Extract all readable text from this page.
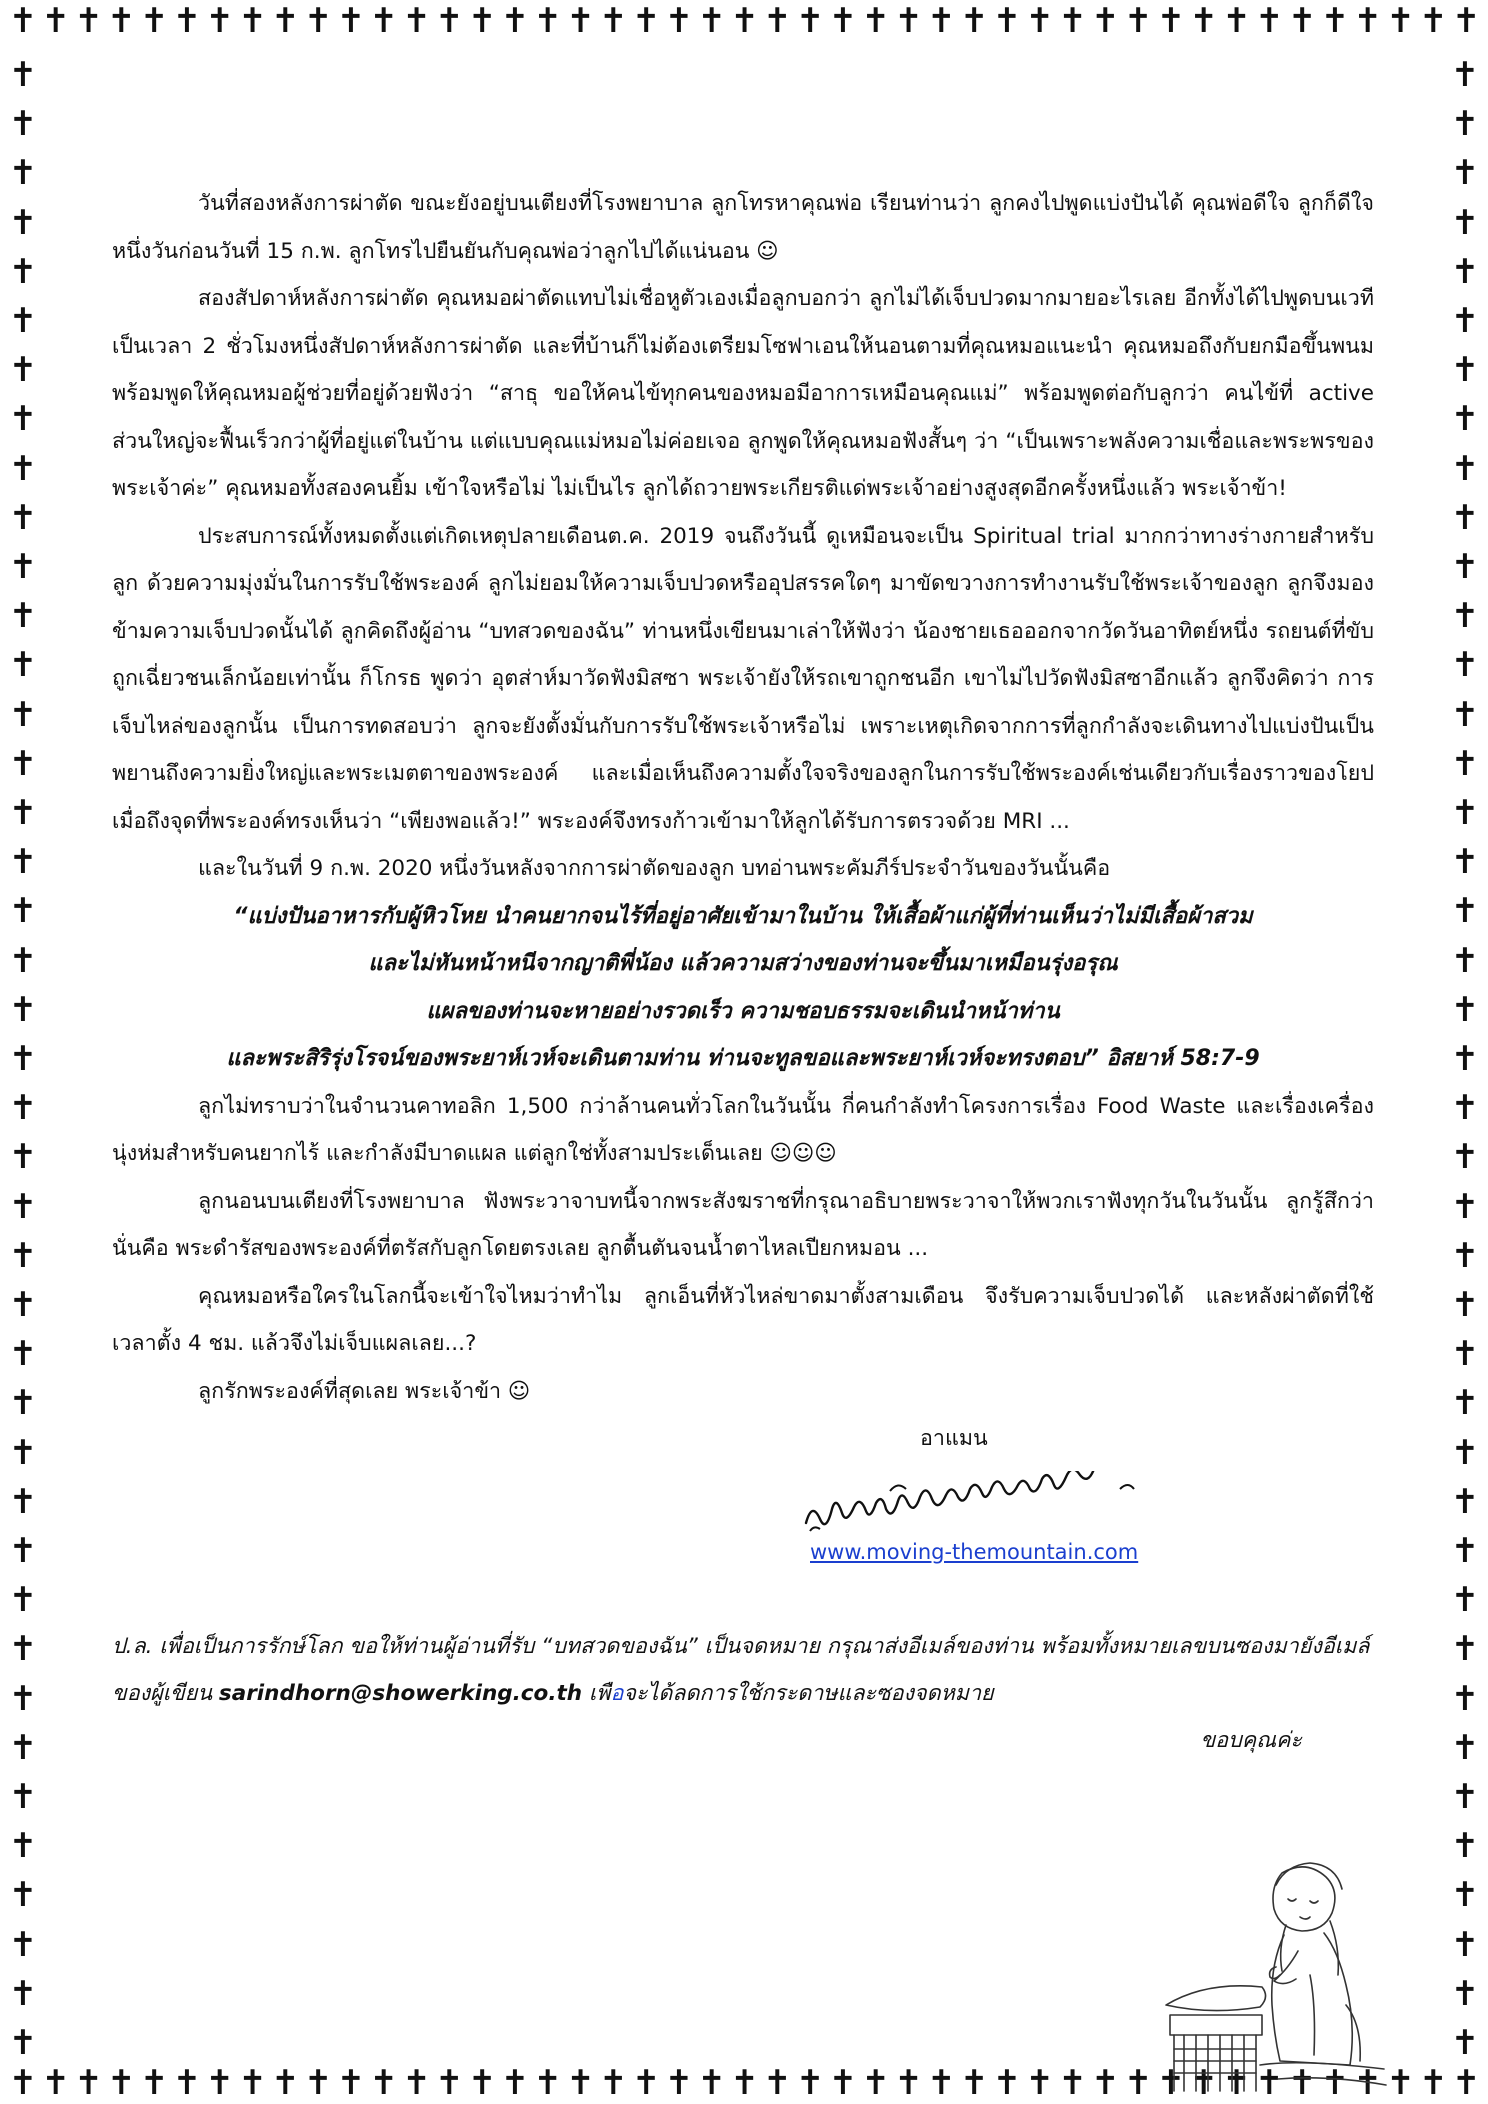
✝
✝
✝
✝
✝
✝
✝
✝
✝
✝
✝
✝
✝
✝
✝
✝
✝
✝
✝
✝
✝
✝
✝
✝
✝
✝
✝
✝
✝
✝
✝
✝
✝
✝
✝
✝
✝
✝
✝
✝
✝
✝
✝
✝
✝
✝
✝
✝
✝
✝
✝
✝
✝
✝
✝
✝
✝
✝
✝
✝
✝
✝
✝
✝
✝
✝
✝
✝
✝
✝
✝
✝
✝
✝
✝
✝
✝
✝
✝
✝
✝
✝
✝
✝
✝
✝
✝
✝
✝
✝
✝	✝
✝	✝
✝	✝
✝	✝
✝	✝
✝	✝
✝	✝
✝	✝
✝	✝
✝	✝
✝	✝
✝	✝
✝	✝
✝	✝
✝	✝
✝	✝
✝	✝
✝	✝
✝	✝
✝	✝
✝	✝
✝	✝
✝	✝
✝	✝
✝	✝
✝	✝
✝	✝
✝	✝
✝	✝
✝	✝
✝	✝
✝	✝
✝	✝
✝	✝
✝	✝
✝	✝
✝	✝
✝	✝
✝	✝
✝	✝
✝	✝

วันที่สองหลังการผ่าตัด ขณะยังอยู่บนเตียงที่โรงพยาบาล ลูกโทรหาคุณพ่อ เรียนท่านว่า ลูกคงไปพูดแบ่งปันได้ คุณพ่อดีใจ ลูกก็ดีใจ หนึ่งวันก่อนวันที่ 15 ก.พ. ลูกโทรไปยืนยันกับคุณพ่อว่าลูกไปได้แน่นอน ☺

สองสัปดาห์หลังการผ่าตัด คุณหมอผ่าตัดแทบไม่เชื่อหูตัวเองเมื่อลูกบอกว่า ลูกไม่ได้เจ็บปวดมากมายอะไรเลย อีกทั้งได้ไปพูดบนเวทีเป็นเวลา 2 ชั่วโมงหนึ่งสัปดาห์หลังการผ่าตัด และที่บ้านก็ไม่ต้องเตรียมโซฟาเอนให้นอนตามที่คุณหมอแนะนำ คุณหมอถึงกับยกมือขึ้นพนม พร้อมพูดให้คุณหมอผู้ช่วยที่อยู่ด้วยฟังว่า “สาธุ ขอให้คนไข้ทุกคนของหมอมีอาการเหมือนคุณแม่” พร้อมพูดต่อกับลูกว่า คนไข้ที่ active ส่วนใหญ่จะฟื้นเร็วกว่าผู้ที่อยู่แต่ในบ้าน แต่แบบคุณแม่หมอไม่ค่อยเจอ ลูกพูดให้คุณหมอฟังสั้นๆ ว่า “เป็นเพราะพลังความเชื่อและพระพรของพระเจ้าค่ะ” คุณหมอทั้งสองคนยิ้ม เข้าใจหรือไม่ ไม่เป็นไร ลูกได้ถวายพระเกียรติแด่พระเจ้าอย่างสูงสุดอีกครั้งหนึ่งแล้ว พระเจ้าข้า!

ประสบการณ์ทั้งหมดตั้งแต่เกิดเหตุปลายเดือนต.ค. 2019 จนถึงวันนี้ ดูเหมือนจะเป็น Spiritual trial มากกว่าทางร่างกายสำหรับลูก ด้วยความมุ่งมั่นในการรับใช้พระองค์ ลูกไม่ยอมให้ความเจ็บปวดหรืออุปสรรคใดๆ มาขัดขวางการทำงานรับใช้พระเจ้าของลูก ลูกจึงมองข้ามความเจ็บปวดนั้นได้ ลูกคิดถึงผู้อ่าน “บทสวดของฉัน” ท่านหนึ่งเขียนมาเล่าให้ฟังว่า น้องชายเธอออกจากวัดวันอาทิตย์หนึ่ง รถยนต์ที่ขับถูกเฉี่ยวชนเล็กน้อยเท่านั้น ก็โกรธ พูดว่า อุตส่าห์มาวัดฟังมิสซา พระเจ้ายังให้รถเขาถูกชนอีก เขาไม่ไปวัดฟังมิสซาอีกแล้ว ลูกจึงคิดว่า การเจ็บไหล่ของลูกนั้น เป็นการทดสอบว่า ลูกจะยังตั้งมั่นกับการรับใช้พระเจ้าหรือไม่ เพราะเหตุเกิดจากการที่ลูกกำลังจะเดินทางไปแบ่งปันเป็นพยานถึงความยิ่งใหญ่และพระเมตตาของพระองค์ และเมื่อเห็นถึงความตั้งใจจริงของลูกในการรับใช้พระองค์เช่นเดียวกับเรื่องราวของโยป เมื่อถึงจุดที่พระองค์ทรงเห็นว่า “เพียงพอแล้ว!” พระองค์จึงทรงก้าวเข้ามาให้ลูกได้รับการตรวจด้วย MRI ...

และในวันที่ 9 ก.พ. 2020 หนึ่งวันหลังจากการผ่าตัดของลูก บทอ่านพระคัมภีร์ประจำวันของวันนั้นคือ

“แบ่งปันอาหารกับผู้หิวโหย นำคนยากจนไร้ที่อยู่อาศัยเข้ามาในบ้าน ให้เสื้อผ้าแก่ผู้ที่ท่านเห็นว่าไม่มีเสื้อผ้าสวม

และไม่หันหน้าหนีจากญาติพี่น้อง แล้วความสว่างของท่านจะขึ้นมาเหมือนรุ่งอรุณ

แผลของท่านจะหายอย่างรวดเร็ว ความชอบธรรมจะเดินนำหน้าท่าน

และพระสิริรุ่งโรจน์ของพระยาห์เวห์จะเดินตามท่าน ท่านจะทูลขอและพระยาห์เวห์จะทรงตอบ” อิสยาห์ 58:7-9

ลูกไม่ทราบว่าในจำนวนคาทอลิก 1,500 กว่าล้านคนทั่วโลกในวันนั้น กี่คนกำลังทำโครงการเรื่อง Food Waste และเรื่องเครื่องนุ่งห่มสำหรับคนยากไร้ และกำลังมีบาดแผล แต่ลูกใช่ทั้งสามประเด็นเลย ☺☺☺

ลูกนอนบนเตียงที่โรงพยาบาล ฟังพระวาจาบทนี้จากพระสังฆราชที่กรุณาอธิบายพระวาจาให้พวกเราฟังทุกวันในวันนั้น ลูกรู้สึกว่า นั่นคือ พระดำรัสของพระองค์ที่ตรัสกับลูกโดยตรงเลย ลูกตื้นตันจนน้ำตาไหลเปียกหมอน ...

คุณหมอหรือใครในโลกนี้จะเข้าใจไหมว่าทำไม ลูกเอ็นที่หัวไหล่ขาดมาตั้งสามเดือน จึงรับความเจ็บปวดได้ และหลังผ่าตัดที่ใช้เวลาตั้ง 4 ชม. แล้วจึงไม่เจ็บแผลเลย...?

ลูกรักพระองค์ที่สุดเลย พระเจ้าข้า ☺

อาแมน

www.moving-themountain.com
ป.ล. เพื่อเป็นการรักษ์โลก ขอให้ท่านผู้อ่านที่รับ “บทสวดของฉัน” เป็นจดหมาย กรุณาส่งอีเมล์ของท่าน พร้อมทั้งหมายเลขบนซองมายังอีเมล์ของผู้เขียน sarindhorn@showerking.co.th เพือจะได้ลดการใช้กระดาษและซองจดหมาย

ขอบคุณค่ะ
